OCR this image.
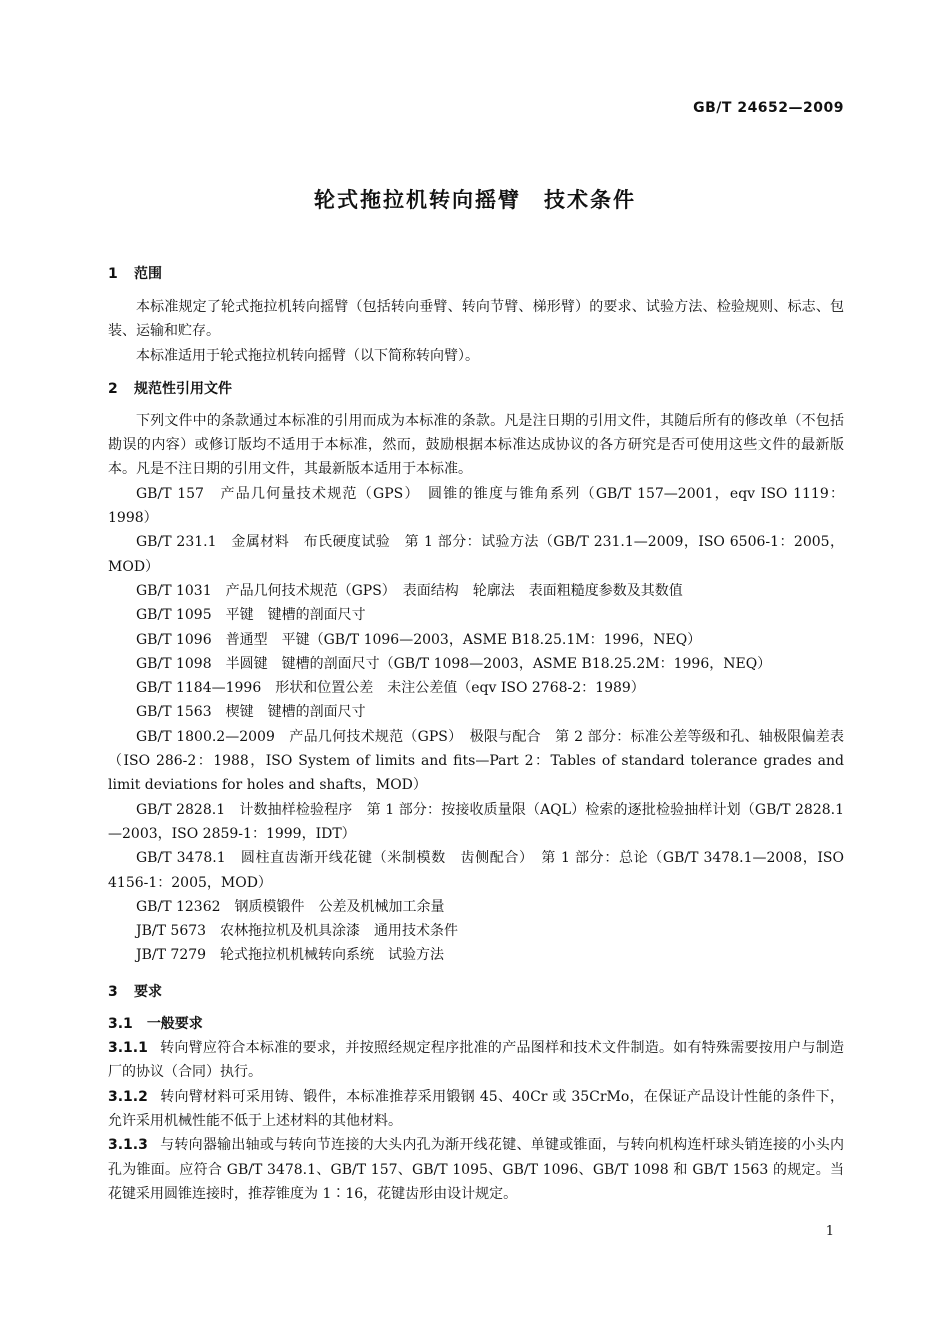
GB/T 24652—2009
轮式拖拉机转向摇臂　技术条件
1 范围

本标准规定了轮式拖拉机转向摇臂（包括转向垂臂、转向节臂、梯形臂）的要求、试验方法、检验规则、标志、包装、运输和贮存。

本标准适用于轮式拖拉机转向摇臂（以下简称转向臂）。

2 规范性引用文件

下列文件中的条款通过本标准的引用而成为本标准的条款。凡是注日期的引用文件，其随后所有的修改单（不包括勘误的内容）或修订版均不适用于本标准，然而，鼓励根据本标准达成协议的各方研究是否可使用这些文件的最新版本。凡是不注日期的引用文件，其最新版本适用于本标准。

GB/T 157　产品几何量技术规范（GPS）　圆锥的锥度与锥角系列（GB/T 157—2001，eqv ISO 1119：1998）
GB/T 231.1　金属材料　布氏硬度试验　第 1 部分：试验方法（GB/T 231.1—2009，ISO 6506-1：2005，MOD）
GB/T 1031　产品几何技术规范（GPS）　表面结构　轮廓法　表面粗糙度参数及其数值
GB/T 1095　平键　键槽的剖面尺寸
GB/T 1096　普通型　平键（GB/T 1096—2003，ASME B18.25.1M：1996，NEQ）
GB/T 1098　半圆键　键槽的剖面尺寸（GB/T 1098—2003，ASME B18.25.2M：1996，NEQ）
GB/T 1184—1996　形状和位置公差　未注公差值（eqv ISO 2768-2：1989）
GB/T 1563　楔键　键槽的剖面尺寸
GB/T 1800.2—2009　产品几何技术规范（GPS）　极限与配合　第 2 部分：标准公差等级和孔、轴极限偏差表（ISO 286-2：1988，ISO System of limits and fits—Part 2：Tables of standard tolerance grades and limit deviations for holes and shafts，MOD）
GB/T 2828.1　计数抽样检验程序　第 1 部分：按接收质量限（AQL）检索的逐批检验抽样计划（GB/T 2828.1—2003，ISO 2859-1：1999，IDT）
GB/T 3478.1　圆柱直齿渐开线花键（米制模数　齿侧配合）　第 1 部分：总论（GB/T 3478.1—2008，ISO 4156-1：2005，MOD）
GB/T 12362　钢质模锻件　公差及机械加工余量
JB/T 5673　农林拖拉机及机具涂漆　通用技术条件
JB/T 7279　轮式拖拉机机械转向系统　试验方法
3 要求
3.1 一般要求
3.1.1 转向臂应符合本标准的要求，并按照经规定程序批准的产品图样和技术文件制造。如有特殊需要按用户与制造厂的协议（合同）执行。
3.1.2 转向臂材料可采用铸、锻件，本标准推荐采用锻钢 45、40Cr 或 35CrMo，在保证产品设计性能的条件下，允许采用机械性能不低于上述材料的其他材料。
3.1.3 与转向器输出轴或与转向节连接的大头内孔为渐开线花键、单键或锥面，与转向机构连杆球头销连接的小头内孔为锥面。应符合 GB/T 3478.1、GB/T 157、GB/T 1095、GB/T 1096、GB/T 1098 和 GB/T 1563 的规定。当花键采用圆锥连接时，推荐锥度为 1∶16，花键齿形由设计规定。
1
